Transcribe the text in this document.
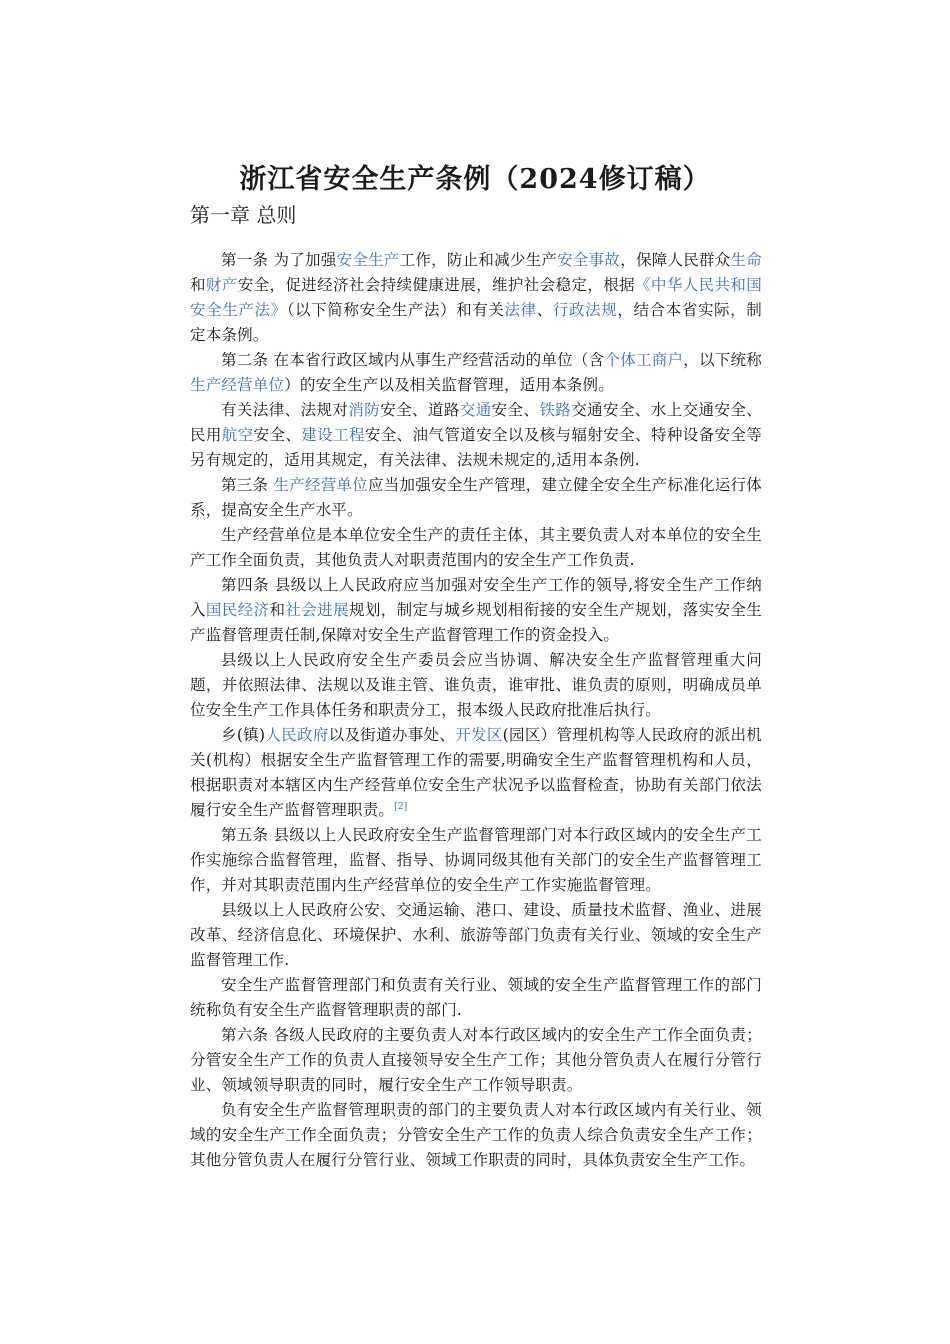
浙江省安全生产条例（2024修订稿）
第一章 总则

第一条 为了加强安全生产工作，防止和减少生产安全事故，保障人民群众生命和财产安全，促进经济社会持续健康进展，维护社会稳定，根据《中华人民共和国安全生产法》（以下简称安全生产法）和有关法律、行政法规，结合本省实际，制定本条例。

第二条 在本省行政区域内从事生产经营活动的单位（含个体工商户，以下统称生产经营单位）的安全生产以及相关监督管理，适用本条例。

有关法律、法规对消防安全、道路交通安全、铁路交通安全、水上交通安全、民用航空安全、建设工程安全、油气管道安全以及核与辐射安全、特种设备安全等另有规定的，适用其规定，有关法律、法规未规定的,适用本条例.

第三条 生产经营单位应当加强安全生产管理，建立健全安全生产标准化运行体系，提高安全生产水平。

生产经营单位是本单位安全生产的责任主体，其主要负责人对本单位的安全生产工作全面负责，其他负责人对职责范围内的安全生产工作负责.

第四条 县级以上人民政府应当加强对安全生产工作的领导,将安全生产工作纳入国民经济和社会进展规划，制定与城乡规划相衔接的安全生产规划，落实安全生产监督管理责任制,保障对安全生产监督管理工作的资金投入。

县级以上人民政府安全生产委员会应当协调、解决安全生产监督管理重大问题，并依照法律、法规以及谁主管、谁负责，谁审批、谁负责的原则，明确成员单位安全生产工作具体任务和职责分工，报本级人民政府批准后执行。

乡(镇)人民政府以及街道办事处、开发区(园区）管理机构等人民政府的派出机关(机构）根据安全生产监督管理工作的需要,明确安全生产监督管理机构和人员，根据职责对本辖区内生产经营单位安全生产状况予以监督检查，协助有关部门依法履行安全生产监督管理职责。[2]

第五条 县级以上人民政府安全生产监督管理部门对本行政区域内的安全生产工作实施综合监督管理，监督、指导、协调同级其他有关部门的安全生产监督管理工作，并对其职责范围内生产经营单位的安全生产工作实施监督管理。

县级以上人民政府公安、交通运输、港口、建设、质量技术监督、渔业、进展改革、经济信息化、环境保护、水利、旅游等部门负责有关行业、领域的安全生产监督管理工作.

安全生产监督管理部门和负责有关行业、领域的安全生产监督管理工作的部门统称负有安全生产监督管理职责的部门.

第六条 各级人民政府的主要负责人对本行政区域内的安全生产工作全面负责；分管安全生产工作的负责人直接领导安全生产工作；其他分管负责人在履行分管行业、领域领导职责的同时，履行安全生产工作领导职责。

负有安全生产监督管理职责的部门的主要负责人对本行政区域内有关行业、领域的安全生产工作全面负责；分管安全生产工作的负责人综合负责安全生产工作；其他分管负责人在履行分管行业、领域工作职责的同时，具体负责安全生产工作。
